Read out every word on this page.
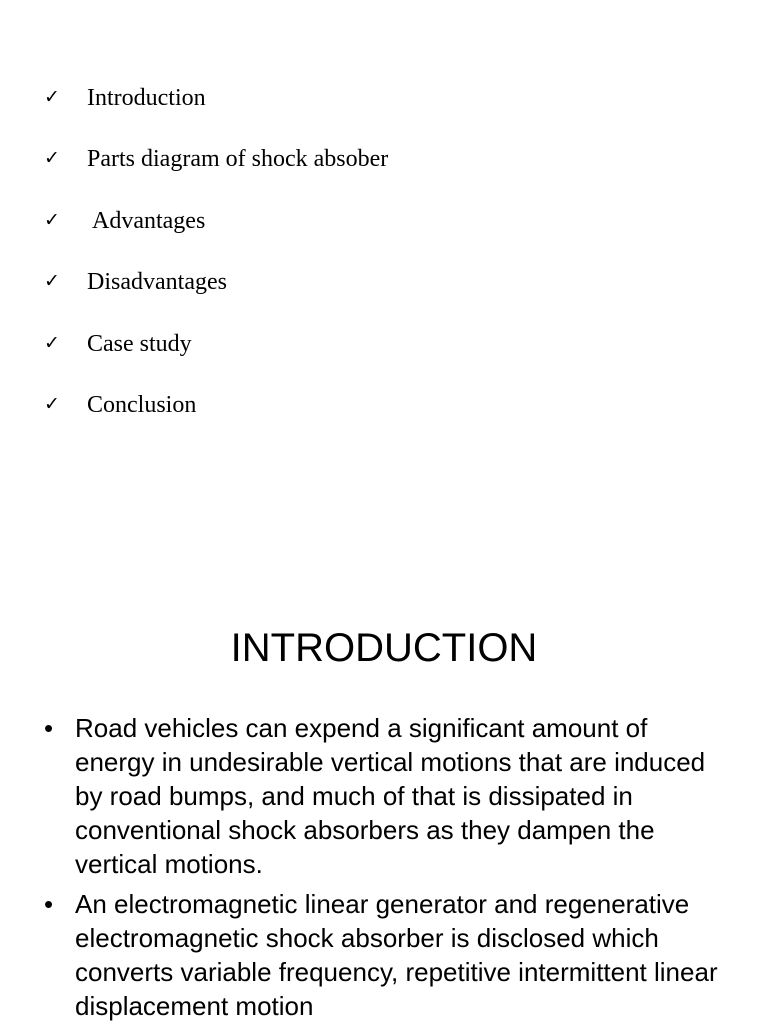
✓ Introduction
✓ Parts diagram of shock absober
✓ Advantages
✓ Disadvantages
✓ Case study
✓ Conclusion
INTRODUCTION
• Road vehicles can expend a significant amount of energy in undesirable vertical motions that are induced by road bumps, and much of that is dissipated in conventional shock absorbers as they dampen the vertical motions.
• An electromagnetic linear generator and regenerative electromagnetic shock absorber is disclosed which converts variable frequency, repetitive intermittent linear displacement motion
